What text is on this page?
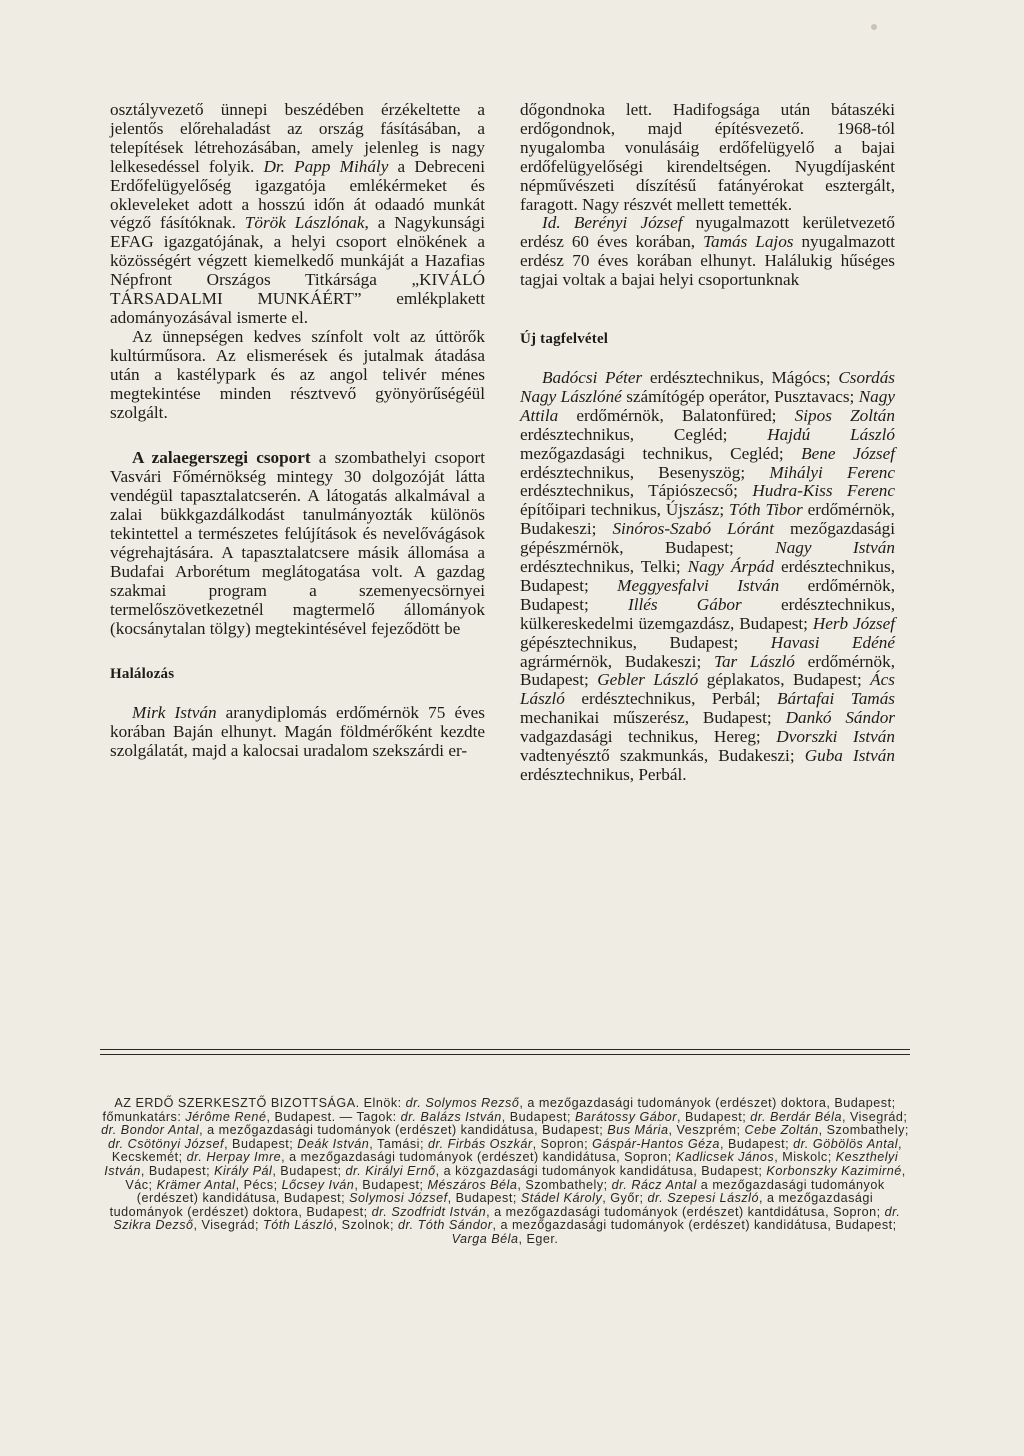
osztályvezető ünnepi beszédében érzékeltette a jelentős előrehaladást az ország fásításában, a telepítések létrehozásában, amely jelenleg is nagy lelkesedéssel folyik. Dr. Papp Mihály a Debreceni Erdőfelügyelőség igazgatója emlékérmeket és okleveleket adott a hosszú időn át odaadó munkát végző fásítóknak. Török Lászlónak, a Nagykunsági EFAG igazgatójának, a helyi csoport elnökének a közösségért végzett kiemelkedő munkáját a Hazafias Népfront Országos Titkársága „KIVÁLÓ TÁRSADALMI MUNKÁÉRT” emlékplakett adományozásával ismerte el.

Az ünnepségen kedves színfolt volt az úttörők kultúrműsora. Az elismerések és jutalmak átadása után a kastélypark és az angol telivér ménes megtekintése minden résztvevő gyönyörűségéül szolgált.

A zalaegerszegi csoport a szombathelyi csoport Vasvári Főmérnökség mintegy 30 dolgozóját látta vendégül tapasztalatcserén. A látogatás alkalmával a zalai bükkgazdálkodást tanulmányozták különös tekintettel a természetes felújítások és nevelővágások végrehajtására. A tapasztalatcsere másik állomása a Budafai Arborétum meglátogatása volt. A gazdag szakmai program a szemenyecsörnyei termelőszövetkezetnél magtermelő állományok (kocsánytalan tölgy) megtekintésével fejeződött be

Halálozás

Mirk István aranydiplomás erdőmérnök 75 éves korában Baján elhunyt. Magán földmérőként kezdte szolgálatát, majd a kalocsai uradalom szekszárdi er-

dőgondnoka lett. Hadifogsága után bátaszéki erdőgondnok, majd építésvezető. 1968-tól nyugalomba vonulásáig erdőfelügyelő a bajai erdőfelügyelőségi kirendeltségen. Nyugdíjasként népművészeti díszítésű fatányérokat esztergált, faragott. Nagy részvét mellett temették.

Id. Berényi József nyugalmazott kerületvezető erdész 60 éves korában, Tamás Lajos nyugalmazott erdész 70 éves korában elhunyt. Halálukig hűséges tagjai voltak a bajai helyi csoportunknak

Új tagfelvétel

Badócsi Péter erdésztechnikus, Mágócs; Csordás Nagy Lászlóné számítógép operátor, Pusztavacs; Nagy Attila erdőmérnök, Balatonfüred; Sipos Zoltán erdésztechnikus, Cegléd; Hajdú László mezőgazdasági technikus, Cegléd; Bene József erdésztechnikus, Besenyszög; Mihályi Ferenc erdésztechnikus, Tápiószecső; Hudra-Kiss Ferenc építőipari technikus, Újszász; Tóth Tibor erdőmérnök, Budakeszi; Sinóros-Szabó Lóránt mezőgazdasági gépészmérnök, Budapest; Nagy István erdésztechnikus, Telki; Nagy Árpád erdésztechnikus, Budapest; Meggyesfalvi István erdőmérnök, Budapest; Illés Gábor erdésztechnikus, külkereskedelmi üzemgazdász, Budapest; Herb József gépésztechnikus, Budapest; Havasi Edéné agrármérnök, Budakeszi; Tar László erdőmérnök, Budapest; Gebler László géplakatos, Budapest; Ács László erdésztechnikus, Perbál; Bártafai Tamás mechanikai műszerész, Budapest; Dankó Sándor vadgazdasági technikus, Hereg; Dvorszki István vadtenyésztő szakmunkás, Budakeszi; Guba István erdésztechnikus, Perbál.

AZ ERDŐ SZERKESZTŐ BIZOTTSÁGA. Elnök: dr. Solymos Rezső, a mezőgazdasági tudományok (erdészet) doktora, Budapest; főmunkatárs: Jérôme René, Budapest. — Tagok: dr. Balázs István, Budapest; Barátossy Gábor, Budapest; dr. Berdár Béla, Visegrád; dr. Bondor Antal, a mezőgazdasági tudományok (erdészet) kandidátusa, Budapest; Bus Mária, Veszprém; Cebe Zoltán, Szombathely; dr. Csötönyi József, Budapest; Deák István, Tamási; dr. Firbás Oszkár, Sopron; Gáspár-Hantos Géza, Budapest; dr. Göbölös Antal, Kecskemét; dr. Herpay Imre, a mezőgazdasági tudományok (erdészet) kandidátusa, Sopron; Kadlicsek János, Miskolc; Keszthelyi István, Budapest; Király Pál, Budapest; dr. Királyi Ernő, a közgazdasági tudományok kandidátusa, Budapest; Korbonszky Kazimirné, Vác; Krämer Antal, Pécs; Lőcsey Iván, Budapest; Mészáros Béla, Szombathely; dr. Rácz Antal a mezőgazdasági tudományok (erdészet) kandidátusa, Budapest; Solymosi József, Budapest; Stádel Károly, Győr; dr. Szepesi László, a mezőgazdasági tudományok (erdészet) doktora, Budapest; dr. Szodfridt István, a mezőgazdasági tudományok (erdészet) kantdidátusa, Sopron; dr. Szikra Dezső, Visegrád; Tóth László, Szolnok; dr. Tóth Sándor, a mezőgazdasági tudományok (erdészet) kandidátusa, Budapest; Varga Béla, Eger.
